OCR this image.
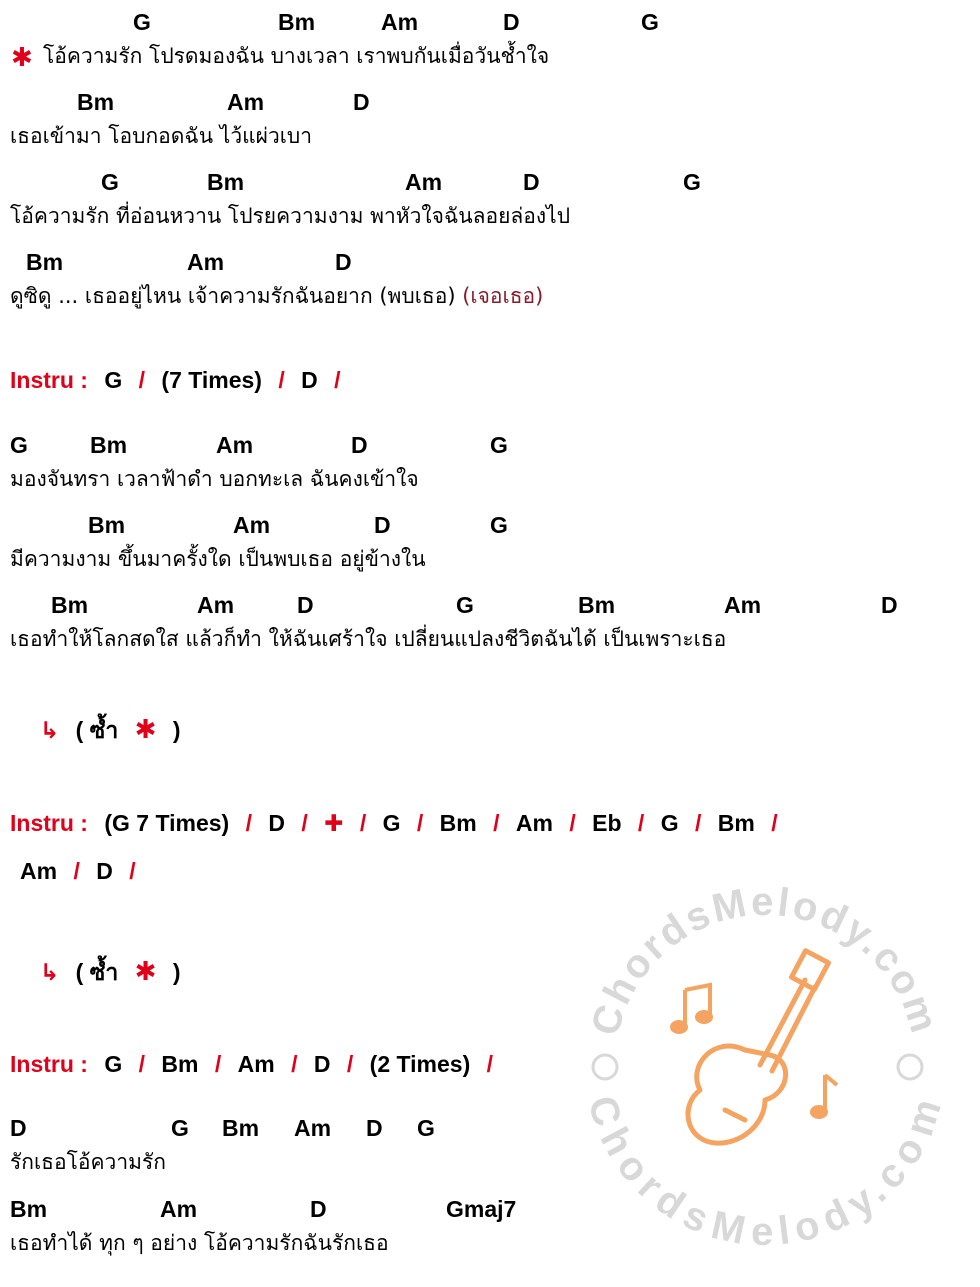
G	Bm	Am	D	G
✱ โอ้ความรัก โปรดมองฉัน บางเวลา เราพบกันเมื่อวันช้ำใจ
Bm	Am	D
เธอเข้ามา โอบกอดฉัน ไว้แผ่วเบา
G	Bm	Am	D	G
โอ้ความรัก ที่อ่อนหวาน โปรยความงาม พาหัวใจฉันลอยล่องไป
Bm	Am	D
ดูซิดู ... เธออยู่ไหน เจ้าความรักฉันอยาก (พบเธอ) (เจอเธอ)
Instru : G / (7 Times) / D /
G	Bm	Am	D	G
มองจันทรา เวลาฟ้าดำ บอกทะเล ฉันคงเข้าใจ
Bm	Am	D	G
มีความงาม ขึ้นมาครั้งใด เป็นพบเธอ อยู่ข้างใน
Bm	Am	D	G	Bm	Am	D
เธอทำให้โลกสดใส แล้วก็ทำ ให้ฉันเศร้าใจ เปลี่ยนแปลงชีวิตฉันได้ เป็นเพราะเธอ
↳ ( ซ้ำ ✱ )
Instru : (G 7 Times) / D / ✚ / G / Bm / Am / Eb / G / Bm /
Am / D /
↳ ( ซ้ำ ✱ )
Instru : G / Bm / Am / D / (2 Times) /
D	G Bm Am D G
รักเธอโอ้ความรัก
Bm	Am	D	Gmaj7
เธอทำได้ ทุก ๆ อย่าง โอ้ความรักฉันรักเธอ
ChordsMelody.com
ChordsMelody.com
